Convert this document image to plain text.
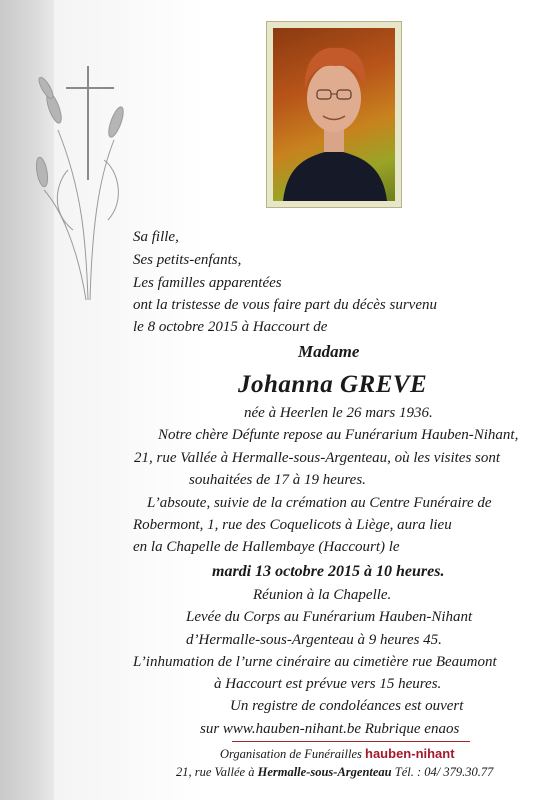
Sa fille,
Ses petits-enfants,
Les familles apparentées
ont la tristesse de vous faire part du décès survenu
le 8 octobre 2015 à Haccourt de
Madame
Johanna GREVE
née à Heerlen le 26 mars 1936.
Notre chère Défunte repose au Funérarium Hauben-Nihant,
21, rue Vallée à Hermalle-sous-Argenteau, où les visites sont
souhaitées de 17 à 19 heures.
L’absoute, suivie de la crémation au Centre Funéraire de
Robermont, 1, rue des Coquelicots à Liège, aura lieu
en la Chapelle de Hallembaye (Haccourt) le
mardi 13 octobre 2015 à 10 heures.
Réunion à la Chapelle.
Levée du Corps au Funérarium Hauben-Nihant
d’Hermalle-sous-Argenteau à 9 heures 45.
L’inhumation de l’urne cinéraire au cimetière rue Beaumont
à Haccourt est prévue vers 15 heures.
Un registre de condoléances est ouvert
sur www.hauben-nihant.be Rubrique enaos
Organisation de Funérailles hauben-nihant
21, rue Vallée à Hermalle-sous-Argenteau Tél. : 04/ 379.30.77
